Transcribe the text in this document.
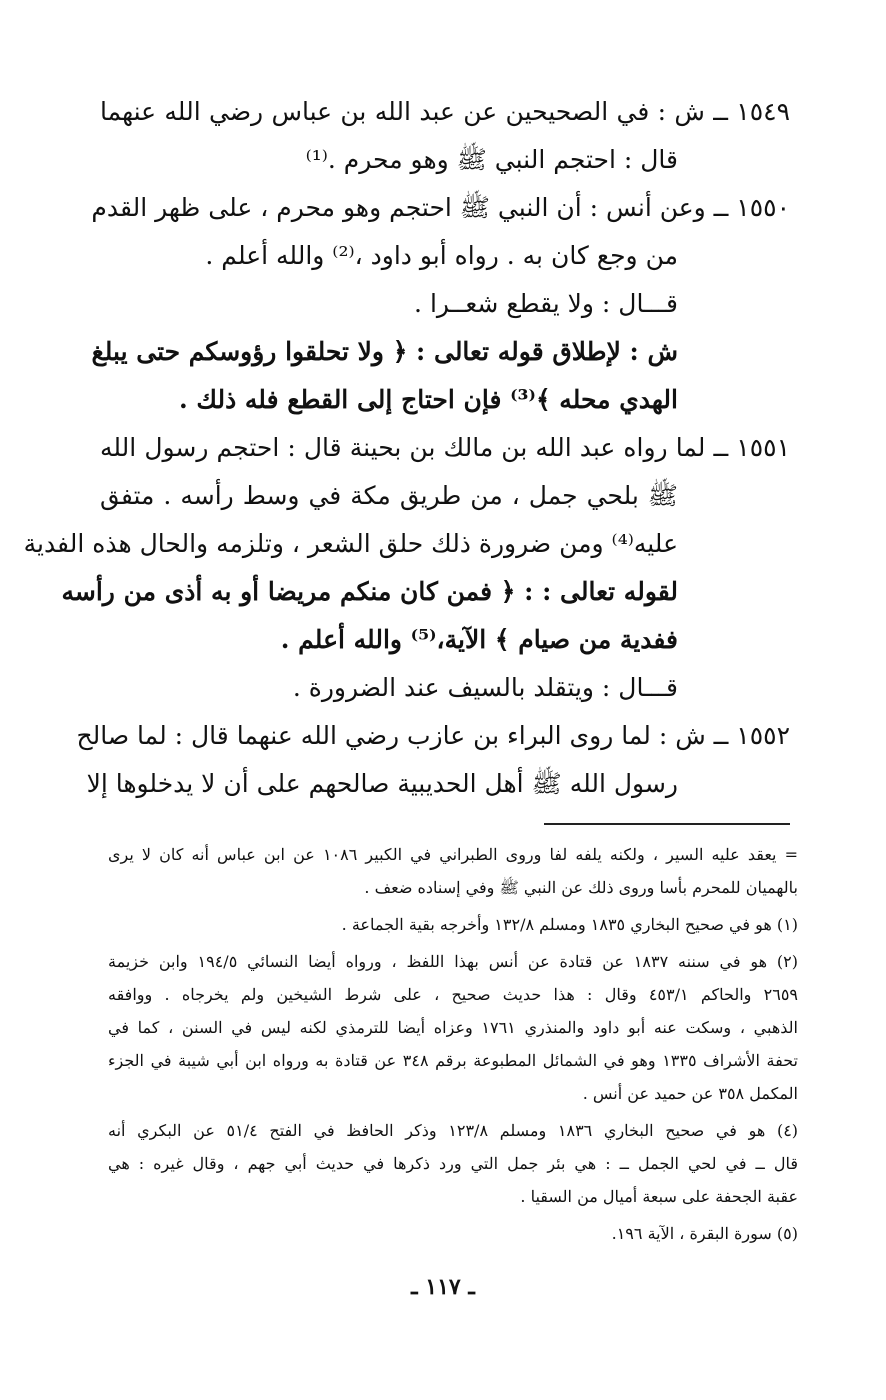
١٥٤٩ ــ ش : في الصحيحين عن عبد الله بن عباس رضي الله عنهما
قال : احتجم النبي ﷺ وهو محرم .⁽¹⁾
١٥٥٠ ــ وعن أنس : أن النبي ﷺ احتجم وهو محرم ، على ظهر القدم
من وجع كان به . رواه أبو داود ،⁽²⁾ والله أعلم .
قـــال : ولا يقطع شعــرا .
ش : لإطلاق قوله تعالى : ﴿ ولا تحلقوا رؤوسكم حتى يبلغ
الهدي محله ﴾⁽³⁾ فإن احتاج إلى القطع فله ذلك .
١٥٥١ ــ لما رواه عبد الله بن مالك بن بحينة قال : احتجم رسول الله
ﷺ بلحي جمل ، من طريق مكة في وسط رأسه . متفق
عليه⁽⁴⁾ ومن ضرورة ذلك حلق الشعر ، وتلزمه والحال هذه الفدية
لقوله تعالى : : ﴿ فمن كان منكم مريضا أو به أذى من رأسه
ففدية من صيام ﴾ الآية،⁽⁵⁾ والله أعلم .
قـــال : ويتقلد بالسيف عند الضرورة .
١٥٥٢ ــ ش : لما روى البراء بن عازب رضي الله عنهما قال : لما صالح
رسول الله ﷺ أهل الحديبية صالحهم على أن لا يدخلوها إلا
= يعقد عليه السير ، ولكنه يلفه لفا وروى الطبراني في الكبير ١٠٨٦ عن ابن عباس أنه كان لا يرى
بالهميان للمحرم بأسا وروى ذلك عن النبي ﷺ وفي إسناده ضعف .
(١) هو في صحيح البخاري ١٨٣٥ ومسلم ١٣٢/٨ وأخرجه بقية الجماعة .
(٢) هو في سننه ١٨٣٧ عن قتادة عن أنس بهذا اللفظ ، ورواه أيضا النسائي ١٩٤/٥ وابن خزيمة
٢٦٥٩ والحاكم ٤٥٣/١ وقال : هذا حديث صحيح ، على شرط الشيخين ولم يخرجاه . ووافقه
الذهبي ، وسكت عنه أبو داود والمنذري ١٧٦١ وعزاه أيضا للترمذي لكنه ليس في السنن ، كما في
تحفة الأشراف ١٣٣٥ وهو في الشمائل المطبوعة برقم ٣٤٨ عن قتادة به ورواه ابن أبي شيبة في الجزء
المكمل ٣٥٨ عن حميد عن أنس .
(٤) هو في صحيح البخاري ١٨٣٦ ومسلم ١٢٣/٨ وذكر الحافظ في الفتح ٥١/٤ عن البكري أنه
قال ــ في لحي الجمل ــ : هي بئر جمل التي ورد ذكرها في حديث أبي جهم ، وقال غيره : هي
عقبة الجحفة على سبعة أميال من السقيا .
(٥) سورة البقرة ، الآية ١٩٦.
ـ ١١٧ ـ
